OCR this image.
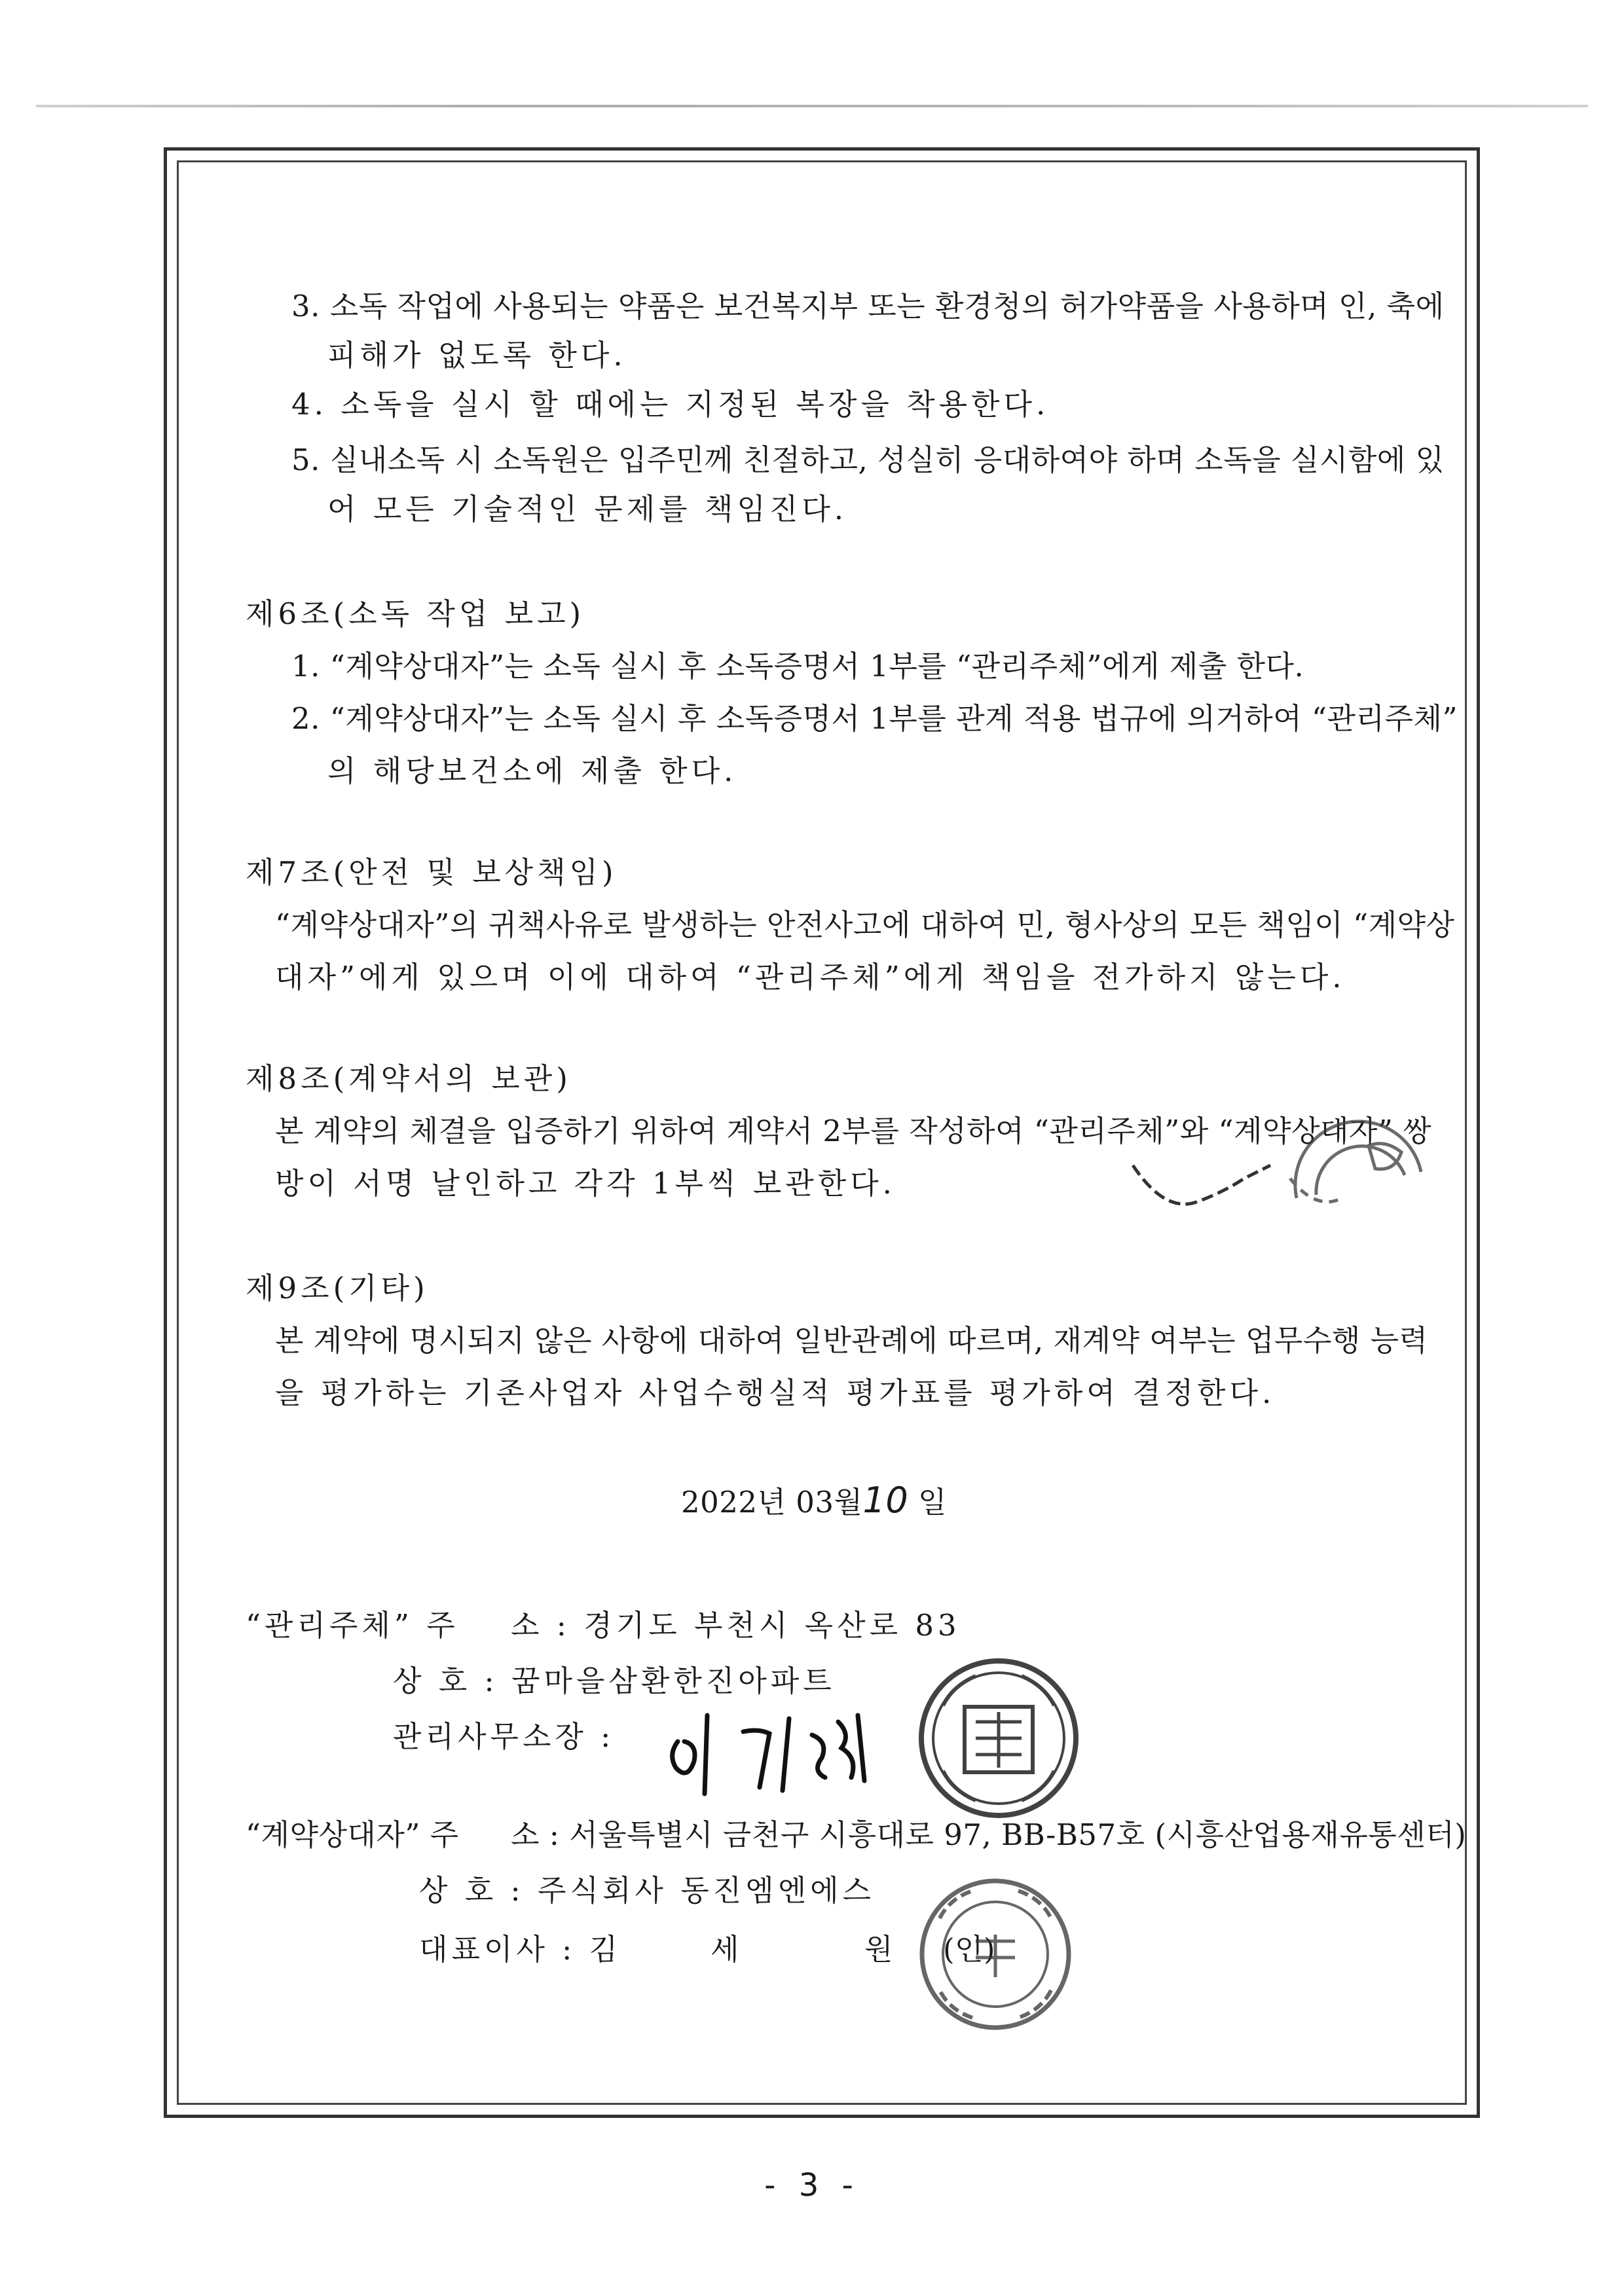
3. 소독 작업에 사용되는 약품은 보건복지부 또는 환경청의 허가약품을 사용하며 인, 축에
피해가 없도록 한다.
4. 소독을 실시 할 때에는 지정된 복장을 착용한다.
5. 실내소독 시 소독원은 입주민께 친절하고, 성실히 응대하여야 하며 소독을 실시함에 있
어 모든 기술적인 문제를 책임진다.
제6조(소독 작업 보고)
1. “계약상대자”는 소독 실시 후 소독증명서 1부를 “관리주체”에게 제출 한다.
2. “계약상대자”는 소독 실시 후 소독증명서 1부를 관계 적용 법규에 의거하여 “관리주체”
의 해당보건소에 제출 한다.
제7조(안전 및 보상책임)
“계약상대자”의 귀책사유로 발생하는 안전사고에 대하여 민, 형사상의 모든 책임이 “계약상
대자”에게 있으며 이에 대하여 “관리주체”에게 책임을 전가하지 않는다.
제8조(계약서의 보관)
본 계약의 체결을 입증하기 위하여 계약서 2부를 작성하여 “관리주체”와 “계약상대자” 쌍
방이 서명 날인하고 각각 1부씩 보관한다.
제9조(기타)
본 계약에 명시되지 않은 사항에 대하여 일반관례에 따르며, 재계약 여부는 업무수행 능력
을 평가하는 기존사업자 사업수행실적 평가표를 평가하여 결정한다.
2022년 03월10 일
“관리주체” 주 소 : 경기도 부천시 옥산로 83
상 호 : 꿈마을삼환한진아파트
관리사무소장 :
“계약상대자” 주 소 : 서울특별시 금천구 시흥대로 97, BB-B57호 (시흥산업용재유통센터)
상 호 : 주식회사 동진엠엔에스
대표이사 : 김	세	원 (인)
- 3 -
